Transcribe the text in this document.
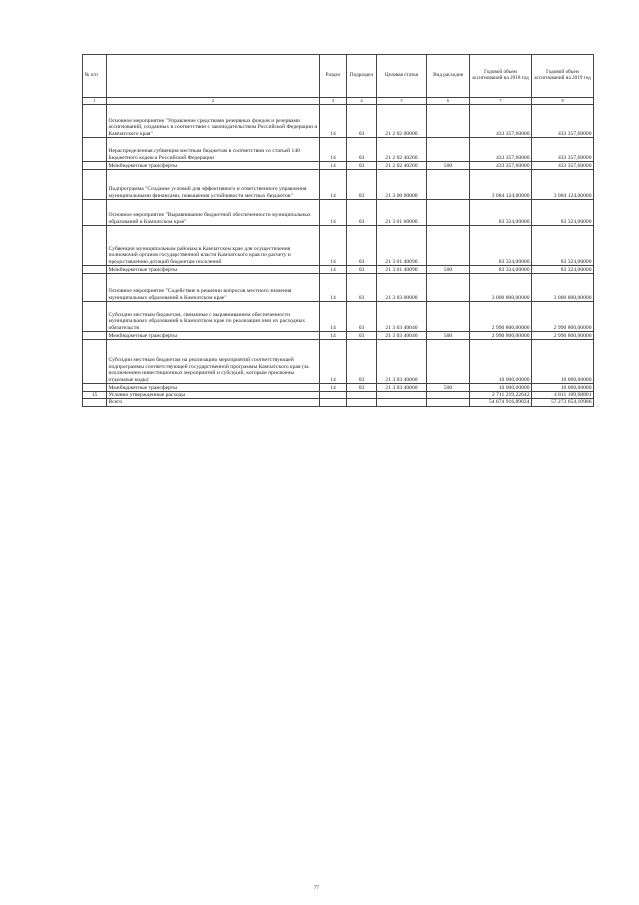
№ п/п		Раздел	Подраздел	Целевая статья	Вид расходов	Годовой объем ассигнований на 2018 год	Годовой объем ассигнований на 2019 год
1	2	3	4	5	6	7	8
	Основное мероприятие "Управление средствами резервных фондов и резервами ассигнований, созданных в соответствии с законодательством Российской Федерации и Камчатского края"	14	03	21 2 02 00000		433 357,60000	433 357,60000
	Нераспределенная субвенция местным бюджетам в соответствии со статьей 140 Бюджетного кодекса Российской Федерации	14	03	21 2 02 40260		433 357,60000	433 357,60000
	Межбюджетные трансферты	14	03	21 2 02 40260	500	433 357,60000	433 357,60000
	Подпрограмма "Создание условий для эффективного и ответственного управления муниципальными финансами, повышения устойчивости местных бюджетов"	14	03	21 3 00 00000		3 084 124,00000	3 084 124,00000
	Основное мероприятие "Выравнивание бюджетной обеспеченности муниципальных образований в Камчатском крае"	14	03	21 3 01 00000		83 324,00000	83 324,00000
	Субвенции муниципальным районам в Камчатском крае для осуществления полномочий органов государственной власти Камчатского края по расчету и предоставлению дотаций бюджетам поселений	14	03	21 3 01 40090		83 324,00000	83 324,00000
	Межбюджетные трансферты	14	03	21 3 01 40090	500	83 324,00000	83 324,00000
	Основное мероприятие "Содействие в решении вопросов местного значения муниципальных образований в Камчатском крае"	14	03	21 3 03 00000		3 000 800,00000	3 000 800,00000
	Субсидии местным бюджетам, связанные с выравниванием обеспеченности муниципальных образований в Камчатском крае по реализации ими их расходных обязательств	14	03	21 3 03 40040		2 990 800,00000	2 990 800,00000
	Межбюджетные трансферты	14	03	21 3 03 40040	500	2 990 800,00000	2 990 800,00000
	Субсидии местным бюджетам на реализацию мероприятий соответствующей подпрограммы соответствующей государственной программы Камчатского края (за исключением инвестиционных мероприятий и субсидий, которым присвоены отдельные коды)	14	03	21 3 03 40060		10 000,00000	10 000,00000
	Межбюджетные трансферты	14	03	21 3 03 40060	500	10 000,00000	10 000,00000
15	Условно утвержденные расходы					2 711 219,22642	4 811 109,68801
	Всего					54 674 916,89024	57 273 654,10986
·
77
